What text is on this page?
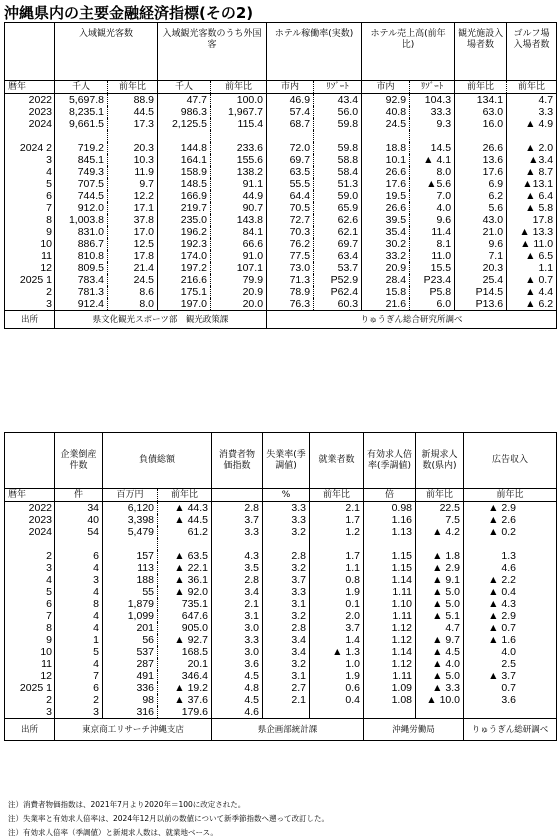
沖縄県内の主要金融経済指標(その2)
	入域観光客数		入域観光客数のうち外国客		ホテル稼働率(実数)		ホテル売上高(前年比)		観光施設入場者数	ゴルフ場入場者数
暦年	千人	前年比	千人	前年比	市内	ﾘｿﾞｰﾄ	市内	ﾘｿﾞｰﾄ	前年比	前年比
2022	5,697.8	88.9	47.7	100.0	46.9	43.4	92.9	104.3	134.1	4.7
2023	8,235.1	44.5	986.3	1,967.7	57.4	56.0	40.8	33.3	63.0	3.3
2024	9,661.5	17.3	2,125.5	115.4	68.7	59.8	24.5	9.3	16.0	▲ 4.9

2024 2	719.2	20.3	144.8	233.6	72.0	59.8	18.8	14.5	26.6	▲ 2.0
3	845.1	10.3	164.1	155.6	69.7	58.8	10.1	▲ 4.1	13.6	▲3.4
4	749.3	11.9	158.9	138.2	63.5	58.4	26.6	8.0	17.6	▲ 8.7
5	707.5	9.7	148.5	91.1	55.5	51.3	17.6	▲5.6	6.9	▲13.1
6	744.5	12.2	166.9	44.9	64.4	59.0	19.5	7.0	6.2	▲ 6.4
7	912.0	17.1	219.7	90.7	70.5	65.9	26.6	4.0	5.6	▲ 5.8
8	1,003.8	37.8	235.0	143.8	72.7	62.6	39.5	9.6	43.0	17.8
9	831.0	17.0	196.2	84.1	70.3	62.1	35.4	11.4	21.0	▲ 13.3
10	886.7	12.5	192.3	66.6	76.2	69.7	30.2	8.1	9.6	▲ 11.0
11	810.8	17.8	174.0	91.0	77.5	63.4	33.2	11.0	7.1	▲ 6.5
12	809.5	21.4	197.2	107.1	73.0	53.7	20.9	15.5	20.3	1.1
2025 1	783.4	24.5	216.6	79.9	71.3	P52.9	28.4	P23.4	25.4	▲ 0.7
2	781.3	8.6	175.1	20.9	78.9	P62.4	15.8	P5.8	P14.5	▲ 4.4
3	912.4	8.0	197.0	20.0	76.3	60.3	21.6	6.0	P13.6	▲ 6.2
出所	県文化観光スポーツ部　観光政策課				りゅうぎん総合研究所調べ					
	企業倒産件数	負債総額		消費者物価指数	失業率(季調値)	就業者数	有効求人倍率(季調値)	新規求人数(県内)	広告収入
暦年	件	百万円	前年比		%	前年比	倍	前年比	前年比
2022	34	6,120	▲ 44.3	2.8	3.3	2.1	0.98	22.5	▲ 2.9
2023	40	3,398	▲ 44.5	3.7	3.3	1.7	1.16	7.5	▲ 2.6
2024	54	5,479	61.2	3.3	3.2	1.2	1.13	▲ 4.2	▲ 0.2

2	6	157	▲ 63.5	4.3	2.8	1.7	1.15	▲ 1.8	1.3
3	4	113	▲ 22.1	3.5	3.2	1.1	1.15	▲ 2.9	4.6
4	3	188	▲ 36.1	2.8	3.7	0.8	1.14	▲ 9.1	▲ 2.2
5	4	55	▲ 92.0	3.4	3.3	1.9	1.11	▲ 5.0	▲ 0.4
6	8	1,879	735.1	2.1	3.1	0.1	1.10	▲ 5.0	▲ 4.3
7	4	1,099	647.6	3.1	3.2	2.0	1.11	▲ 5.1	▲ 2.9
8	4	201	905.0	3.0	2.8	3.7	1.12	4.7	▲ 0.7
9	1	56	▲ 92.7	3.3	3.4	1.4	1.12	▲ 9.7	▲ 1.6
10	5	537	168.5	3.0	3.4	▲ 1.3	1.14	▲ 4.5	4.0
11	4	287	20.1	3.6	3.2	1.0	1.12	▲ 4.0	2.5
12	7	491	346.4	4.5	3.1	1.9	1.11	▲ 5.0	▲ 3.7
2025 1	6	336	▲ 19.2	4.8	2.7	0.6	1.09	▲ 3.3	0.7
2	2	98	▲ 37.6	4.5	2.1	0.4	1.08	▲ 10.0	3.6
3	3	316	179.6	4.6					
出所	東京商工リサーチ沖縄支店			県企画部統計課			沖縄労働局		りゅうぎん総研調べ
注）消費者物価指数は、2021年7月より2020年＝100に改定された。
注）失業率と有効求人倍率は、2024年12月以前の数値について新季節指数へ遡って改訂した。
注）有効求人倍率（季調値）と新規求人数は、就業地ベース。
